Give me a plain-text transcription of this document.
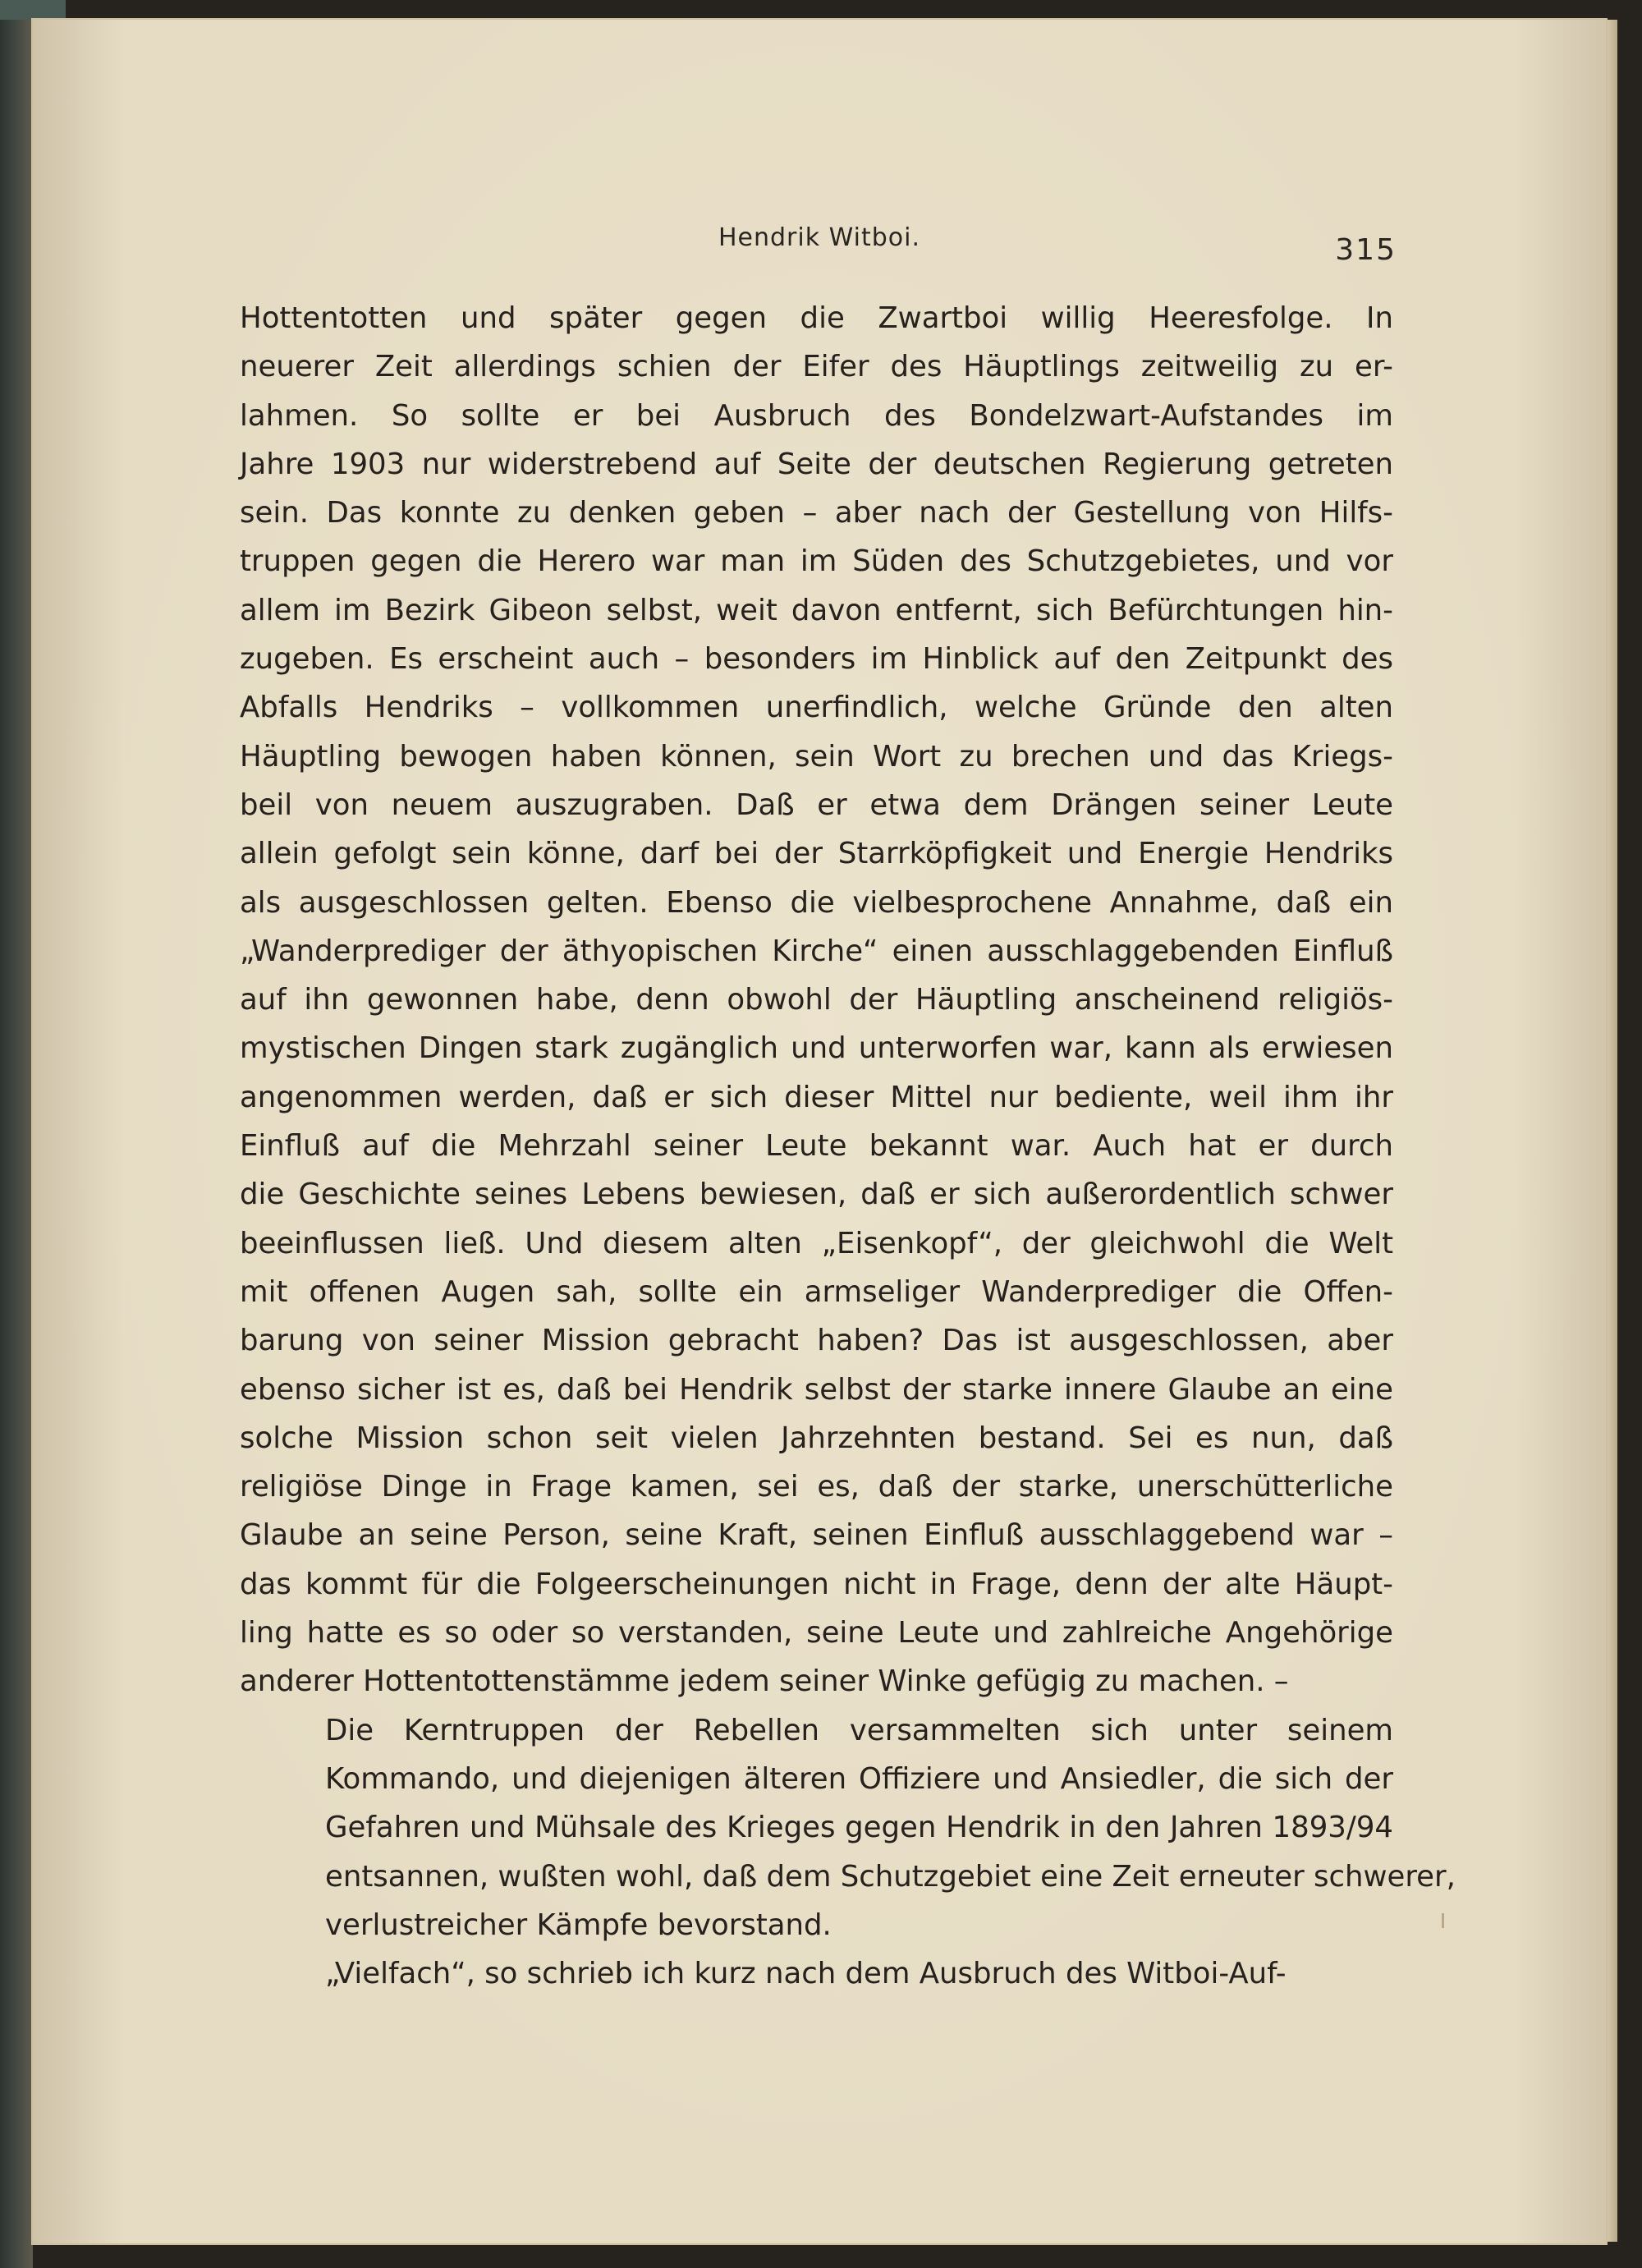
Hendrik Witboi.	315
Hottentotten und später gegen die Zwartboi willig Heeresfolge. In
neuerer Zeit allerdings schien der Eifer des Häuptlings zeitweilig zu er-
lahmen. So sollte er bei Ausbruch des Bondelzwart-Aufstandes im
Jahre 1903 nur widerstrebend auf Seite der deutschen Regierung getreten
sein. Das konnte zu denken geben – aber nach der Gestellung von Hilfs-
truppen gegen die Herero war man im Süden des Schutzgebietes, und vor
allem im Bezirk Gibeon selbst, weit davon entfernt, sich Befürchtungen hin-
zugeben. Es erscheint auch – besonders im Hinblick auf den Zeitpunkt des
Abfalls Hendriks – vollkommen unerfindlich, welche Gründe den alten
Häuptling bewogen haben können, sein Wort zu brechen und das Kriegs-
beil von neuem auszugraben. Daß er etwa dem Drängen seiner Leute
allein gefolgt sein könne, darf bei der Starrköpfigkeit und Energie Hendriks
als ausgeschlossen gelten. Ebenso die vielbesprochene Annahme, daß ein
„Wanderprediger der äthyopischen Kirche“ einen ausschlaggebenden Einfluß
auf ihn gewonnen habe, denn obwohl der Häuptling anscheinend religiös-
mystischen Dingen stark zugänglich und unterworfen war, kann als erwiesen
angenommen werden, daß er sich dieser Mittel nur bediente, weil ihm ihr
Einfluß auf die Mehrzahl seiner Leute bekannt war. Auch hat er durch
die Geschichte seines Lebens bewiesen, daß er sich außerordentlich schwer
beeinflussen ließ. Und diesem alten „Eisenkopf“, der gleichwohl die Welt
mit offenen Augen sah, sollte ein armseliger Wanderprediger die Offen-
barung von seiner Mission gebracht haben? Das ist ausgeschlossen, aber
ebenso sicher ist es, daß bei Hendrik selbst der starke innere Glaube an eine
solche Mission schon seit vielen Jahrzehnten bestand. Sei es nun, daß
religiöse Dinge in Frage kamen, sei es, daß der starke, unerschütterliche
Glaube an seine Person, seine Kraft, seinen Einfluß ausschlaggebend war –
das kommt für die Folgeerscheinungen nicht in Frage, denn der alte Häupt-
ling hatte es so oder so verstanden, seine Leute und zahlreiche Angehörige
anderer Hottentottenstämme jedem seiner Winke gefügig zu machen. –
Die Kerntruppen der Rebellen versammelten sich unter seinem
Kommando, und diejenigen älteren Offiziere und Ansiedler, die sich der
Gefahren und Mühsale des Krieges gegen Hendrik in den Jahren 1893/94
entsannen, wußten wohl, daß dem Schutzgebiet eine Zeit erneuter schwerer,
verlustreicher Kämpfe bevorstand.
„Vielfach“, so schrieb ich kurz nach dem Ausbruch des Witboi-Auf-
